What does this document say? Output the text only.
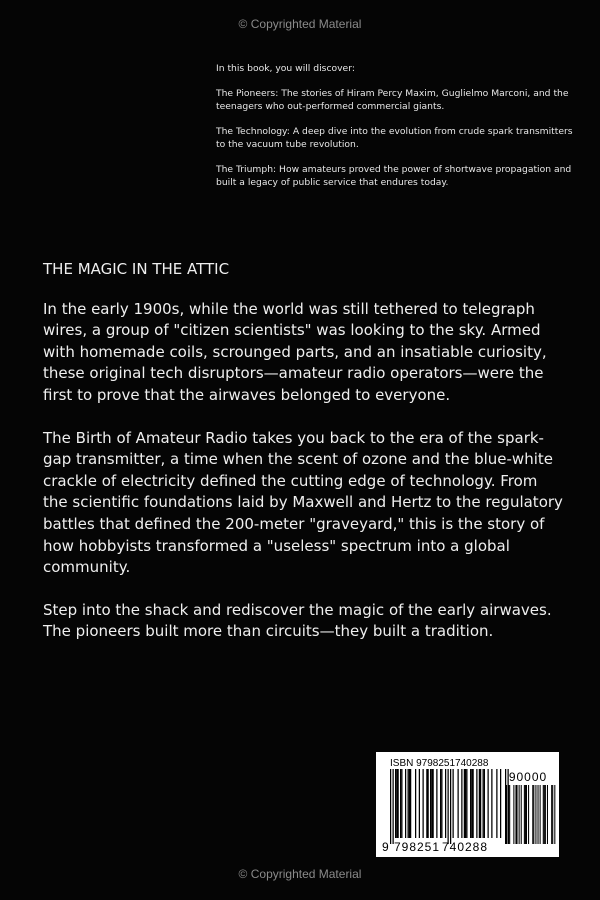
© Copyrighted Material

In this book, you will discover:

The Pioneers: The stories of Hiram Percy Maxim, Guglielmo Marconi, and the teenagers who out-performed commercial giants.

The Technology: A deep dive into the evolution from crude spark transmitters to the vacuum tube revolution.

The Triumph: How amateurs proved the power of shortwave propagation and built a legacy of public service that endures today.

THE MAGIC IN THE ATTIC

In the early 1900s, while the world was still tethered to telegraph wires, a group of "citizen scientists" was looking to the sky. Armed with homemade coils, scrounged parts, and an insatiable curiosity, these original tech disruptors—amateur radio operators—were the first to prove that the airwaves belonged to everyone.

The Birth of Amateur Radio takes you back to the era of the spark-gap transmitter, a time when the scent of ozone and the blue-white crackle of electricity defined the cutting edge of technology. From the scientific foundations laid by Maxwell and Hertz to the regulatory battles that defined the 200-meter "graveyard," this is the story of how hobbyists transformed a "useless" spectrum into a global community.

Step into the shack and rediscover the magic of the early airwaves. The pioneers built more than circuits—they built a tradition.

ISBN 9798251740288
9 798251 740288
90000
© Copyrighted Material
